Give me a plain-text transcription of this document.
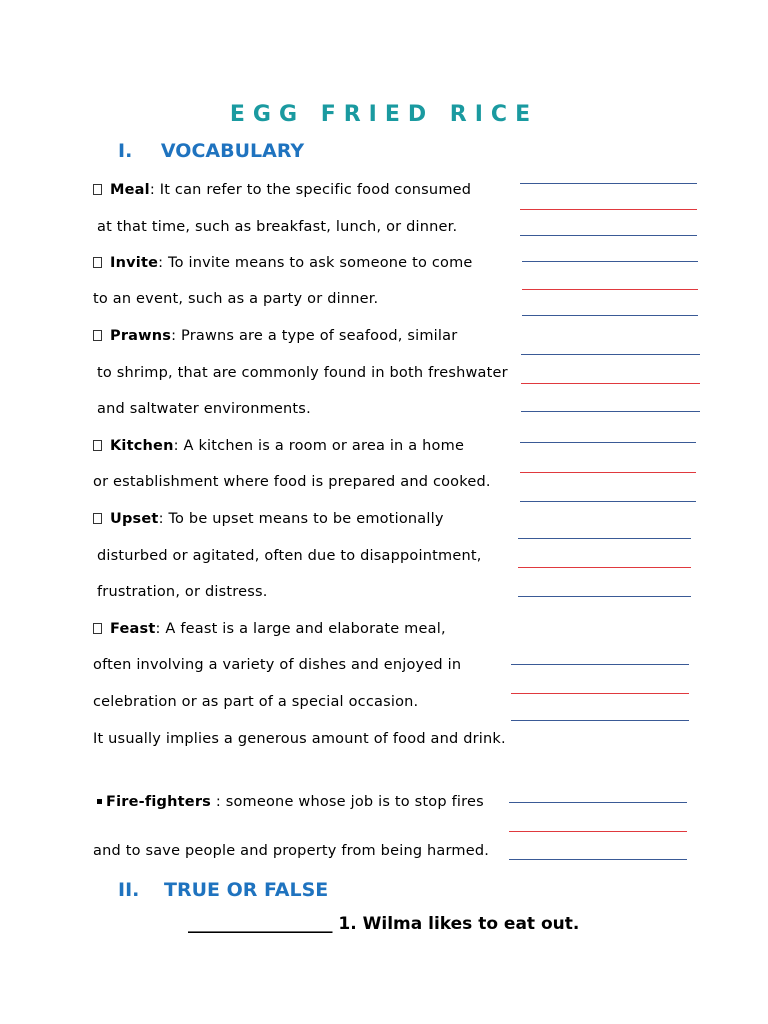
EGG FRIED RICE
I. VOCABULARY
Meal: It can refer to the specific food consumed
at that time, such as breakfast, lunch, or dinner.
Invite: To invite means to ask someone to come
to an event, such as a party or dinner.
Prawns: Prawns are a type of seafood, similar
to shrimp, that are commonly found in both freshwater
and saltwater environments.
Kitchen: A kitchen is a room or area in a home
or establishment where food is prepared and cooked.
Upset: To be upset means to be emotionally
disturbed or agitated, often due to disappointment,
frustration, or distress.
Feast: A feast is a large and elaborate meal,
often involving a variety of dishes and enjoyed in
celebration or as part of a special occasion.
It usually implies a generous amount of food and drink.
Fire-fighters : someone whose job is to stop fires
and to save people and property from being harmed.
II. TRUE OR FALSE
_________________ 1. Wilma likes to eat out.
